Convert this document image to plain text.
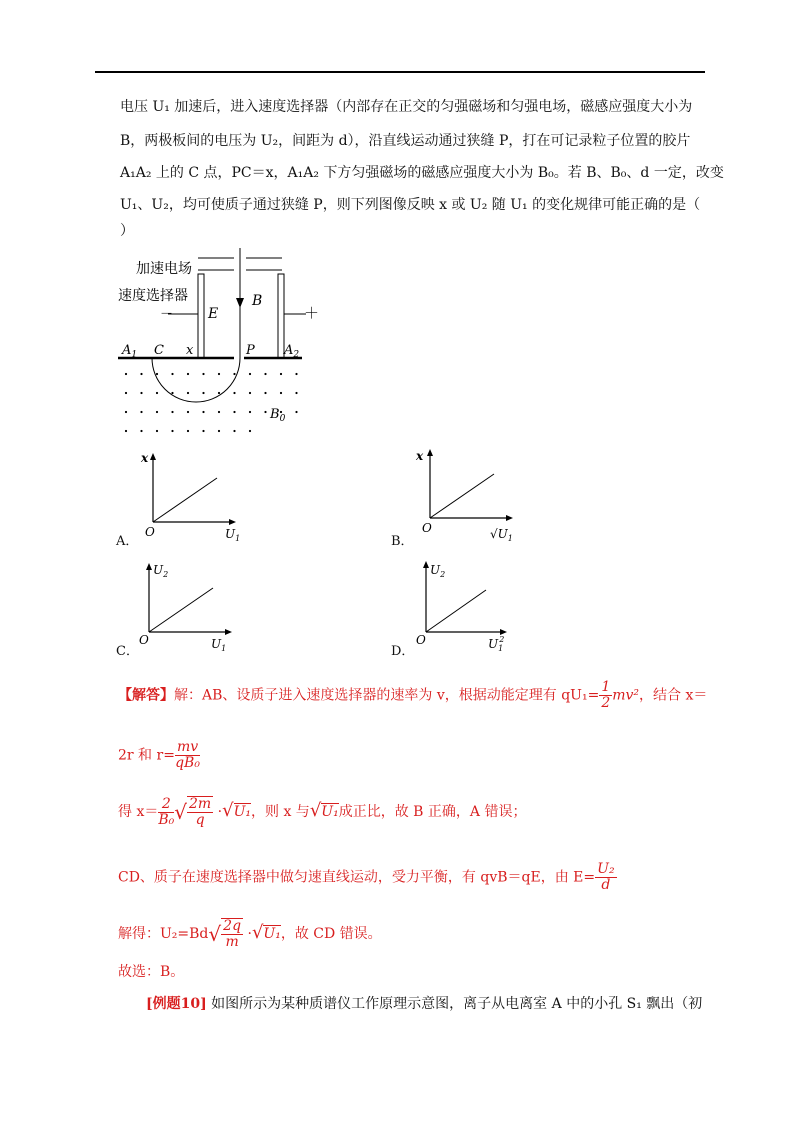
电压 U₁ 加速后，进入速度选择器（内部存在正交的匀强磁场和匀强电场，磁感应强度大小为
B，两极板间的电压为 U₂，间距为 d），沿直线运动通过狭缝 P，打在可记录粒子位置的胶片
A₁A₂ 上的 C 点，PC＝x，A₁A₂ 下方匀强磁场的磁感应强度大小为 B₀。若 B、B₀、d 一定，改变
U₁、U₂，均可使质子通过狭缝 P，则下列图像反映 x 或 U₂ 随 U₁ 的变化规律可能正确的是（
）
加速电场
速度选择器
－ E	＋
B
$A_1$ C x	P $A_2$
$B_0$
x
O	$U_1$
A．
x
O	$√U_1$
B．
$U_2$
O	$U_1$
C．
$U_2$
O	$U_12$
D．
【解答】解：AB、设质子进入速度选择器的速率为 v，根据动能定理有 $qU_1= \frac{1}{2} mv^2$，结合 x＝
2r 和 $r= \frac{mv}{\text{qB₀}}$
得 $x= \frac{2}{\text{B₀}}$ √ $\frac{2m}{q} \cdot√U_1$，则 x 与√U₁成正比，故 B 正确，A 错误；
CD、质子在速度选择器中做匀速直线运动，受力平衡，有 qvB＝qE，由 $E= \frac{\text{U₂}}{d}$
解得：$U_2=Bd√ \frac{2q}{m} \cdot√U_1$，故 CD 错误。
故选：B。
[例题10] 如图所示为某种质谱仪工作原理示意图，离子从电离室 A 中的小孔 S₁ 飘出（初
